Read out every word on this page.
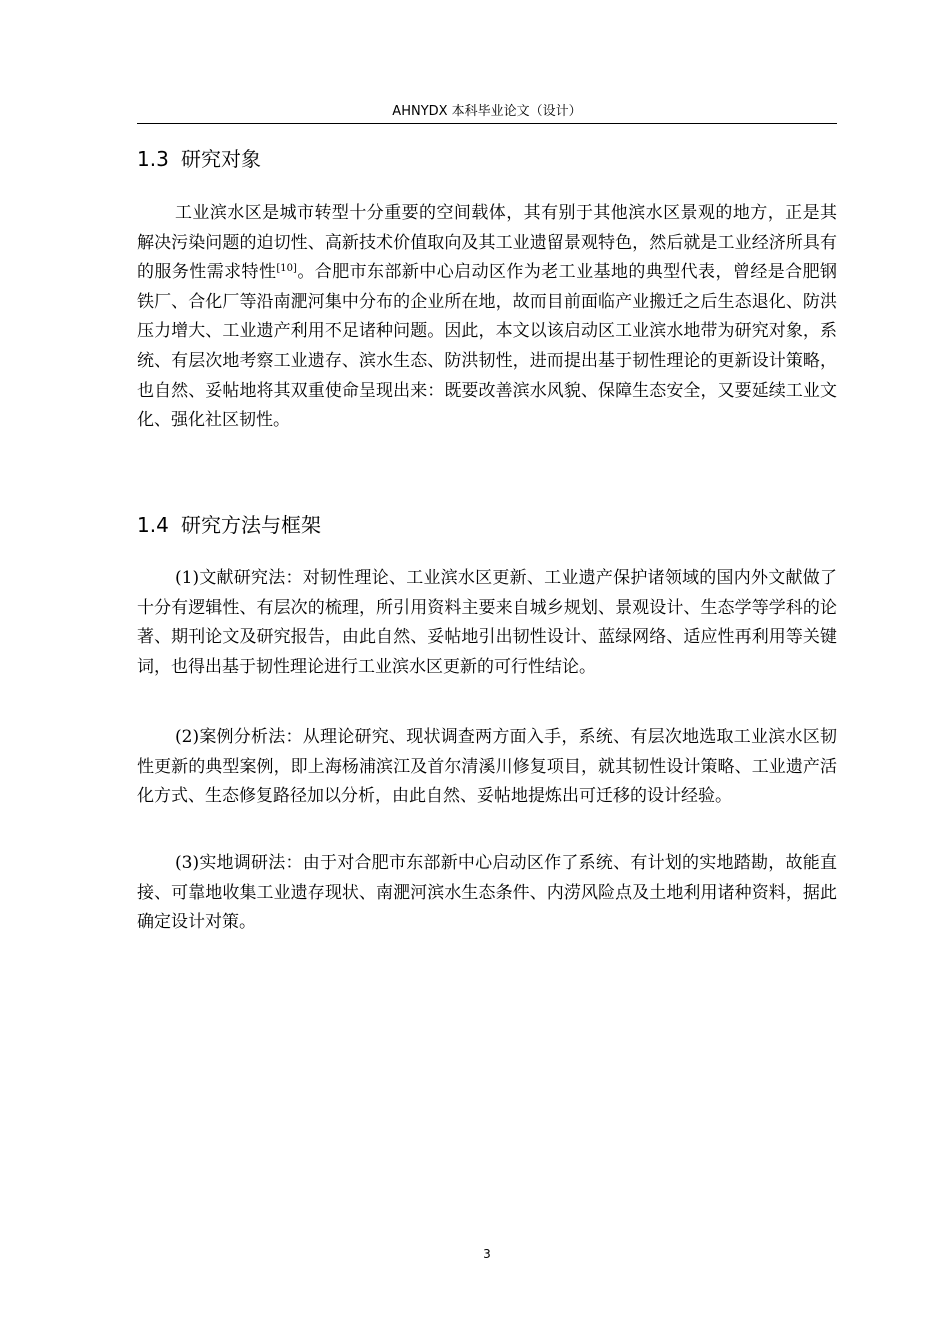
AHNYDX 本科毕业论文（设计）
1.3 研究对象

工业滨水区是城市转型十分重要的空间载体，其有别于其他滨水区景观的地方，正是其解决污染问题的迫切性、高新技术价值取向及其工业遗留景观特色，然后就是工业经济所具有的服务性需求特性[10]。合肥市东部新中心启动区作为老工业基地的典型代表，曾经是合肥钢铁厂、合化厂等沿南淝河集中分布的企业所在地，故而目前面临产业搬迁之后生态退化、防洪压力增大、工业遗产利用不足诸种问题。因此，本文以该启动区工业滨水地带为研究对象，系统、有层次地考察工业遗存、滨水生态、防洪韧性，进而提出基于韧性理论的更新设计策略，也自然、妥帖地将其双重使命呈现出来：既要改善滨水风貌、保障生态安全，又要延续工业文化、强化社区韧性。

1.4 研究方法与框架

(1)文献研究法：对韧性理论、工业滨水区更新、工业遗产保护诸领域的国内外文献做了十分有逻辑性、有层次的梳理，所引用资料主要来自城乡规划、景观设计、生态学等学科的论著、期刊论文及研究报告，由此自然、妥帖地引出韧性设计、蓝绿网络、适应性再利用等关键词，也得出基于韧性理论进行工业滨水区更新的可行性结论。

(2)案例分析法：从理论研究、现状调查两方面入手，系统、有层次地选取工业滨水区韧性更新的典型案例，即上海杨浦滨江及首尔清溪川修复项目，就其韧性设计策略、工业遗产活化方式、生态修复路径加以分析，由此自然、妥帖地提炼出可迁移的设计经验。

(3)实地调研法：由于对合肥市东部新中心启动区作了系统、有计划的实地踏勘，故能直接、可靠地收集工业遗存现状、南淝河滨水生态条件、内涝风险点及土地利用诸种资料，据此确定设计对策。

3
